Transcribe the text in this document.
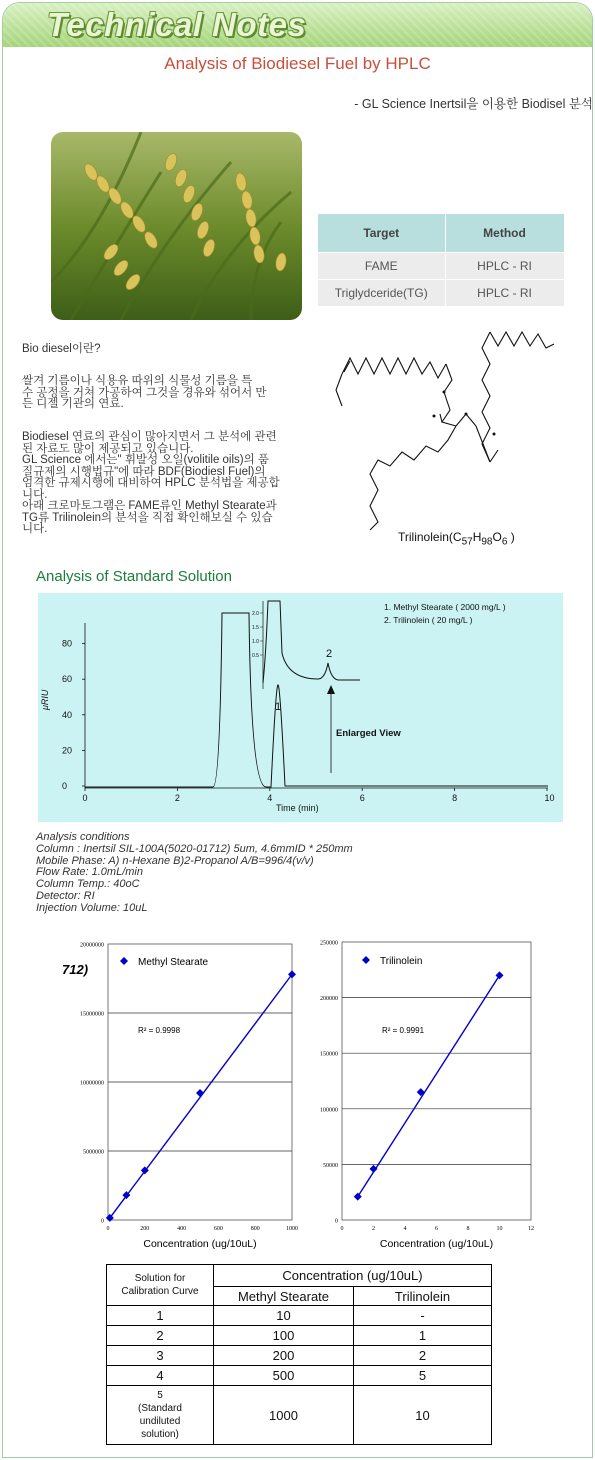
Technical Notes
Analysis of Biodiesel Fuel by HPLC
- GL Science Inertsil을 이용한 Biodisel 분석
Target	Method
FAME	HPLC - RI
Triglydceride(TG)	HPLC - RI
Bio diesel이란?
쌀겨 기름이나 식용유 따위의 식물성 기름을 특
수 공정을 거쳐 가공하여 그것을 경유와 섞어서 만
든 디젤 기관의 연료.
Biodiesel 연료의 관심이 많아지면서 그 분석에 관련
된 자료도 많이 제공되고 있습니다.
GL Science 에서는" 휘발성 오일(volitile oils)의 품
질규제의 시행법규"에 따라 BDF(Biodiesl Fuel)의
엄격한 규제시행에 대비하여 HPLC 분석법을 제공합
니다.
아래 크로마토그램은 FAME류인 Methyl Stearate과
TG류 Trilinolein의 분석을 직접 확인해보실 수 있습
니다.
$Trilinolein(C_{57}H_{98}O_6$ )
Analysis of Standard Solution
0	2	4	6	8	10
0
20
40
60
80
μRIU
Time (min)
1. Methyl Stearate ( 2000 mg/L )
2. Trilinolein ( 20 mg/L )
1
2
Enlarged View
2.0
1.5
1.0
0.5
Analysis conditions
Column : Inertsil SIL-100A(5020-01712) 5um, 4.6mmID * 250mm
Mobile Phase: A) n-Hexane B)2-Propanol A/B=996/4(v/v)
Flow Rate: 1.0mL/min
Column Temp.: 40oC
Detector: RI
Injection Volume: 10uL
0
5000000
10000000
15000000
20000000
0	200	400	600	800	1000
Concentration (ug/10uL)
R² = 0.9998
Methyl Stearate
712)
0
50000
100000
150000
200000
250000
0	2	4	6	8	10	12
Concentration (ug/10uL)
R² = 0.9991
Trilinolein
Solution for
Calibration Curve	Concentration (ug/10uL)	
	Methyl Stearate	Trilinolein
1	10	-
2	100	1
3	200	2
4	500	5

5
(Standard
undiluted
solution)	1000	10
